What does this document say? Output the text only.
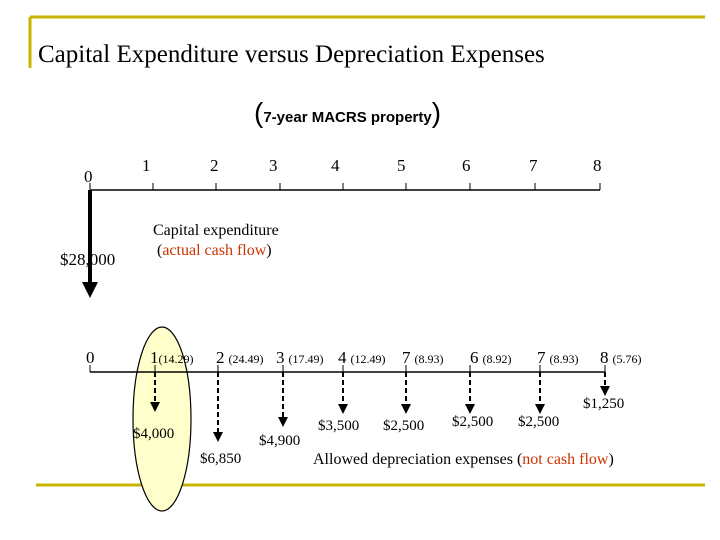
Capital Expenditure versus Depreciation Expenses
(7-year MACRS property)
0
1	2	3	4	5	6	7	8
$28,000
Capital expenditure
(actual cash flow)
0	1(14.29) 2 (24.49) 3 (17.49) 4 (12.49) 7 (8.93) 6 (8.92) 7 (8.93) 8 (5.76)
$4,000
$6,850
$4,900
$3,500 $2,500 $2,500 $2,500
$1,250
Allowed depreciation expenses (not cash flow)
